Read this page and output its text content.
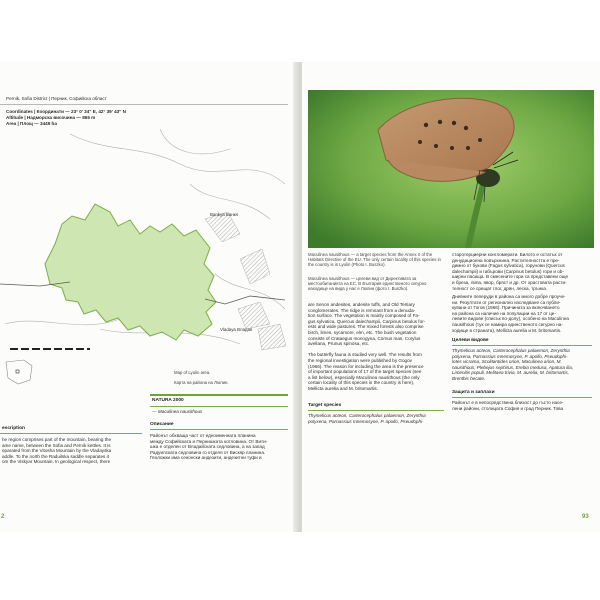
Pernik, Sofia District | Перник, Софийска област
Coordinates | Координати — 23° 0' 34" E, 42° 39' 43" N
Altitude | Надморска височина — 865 m
Area | Площ — 3449 ha
Bankya Банкя
Vladaya Владая
Map of Lyulin area.
Карта на района на Люлин.
NATURA 2000
— Maculinea nausithous
Описание
Районът обхваща част от едноименната планина
между Софийската и Пернишката котловина. От Вити-
шка е отделен от Владайската седловина, а на запад
Радуилската седловина го отделя от Вискяр планина.
Геоложки има сенонски андезити, андезитни туфи и
escription
he region comprises part of the mountain, bearing the
ame name, between the Sofia and Pernik kettles. It is
eparated from the Vitosha Mountain by the Vladayska
addle. To the north the Raduilska saddle separates it
om the Viskyar Mountain. In geological respect, there
2
Maculinea nausithous — a target species from the Annex II of the Habitats Directive of the EU. The only certain locality of this species in the country is in Lyulin (Photo I. Buszko).
Maculinea nausithous — целеви вид от Директивата за местообитанията на ЕС. В България единственото сигурно находище на вида у нас е Люлин (фото I. Buszko).
are Senon andesites, andesite tuffs, and Old Tertiary
conglomerates. The ridge is remnant from a denuda-
tion surface. The vegetation is mainly composed of Fa-
gus sylvatica, Quercus dalechampii, Carpinus betulus for-
ests and wide pastures. The mixed forests also comprise
birch, limes, sycamore, elm, etc. The bush vegetation
consists of Crataegus monogyna, Cornus mas, Corylus
avellana, Prunus spinosa, etc.

The butterfly fauna is studied very well. The results from
the regional investigation were published by Gogov
(1966). The reason for including the area is the presence
of important populations of 17 of the target species (see
a list below), especially Maculinea nausithous (the only
certain locality of this species in the country is here),
Mellicta aurelia and M. britomartis.
Target species
Thymelicus acteon, Carterocephalus palaemon, Zerynthia
polyxena, Parnassius mnemosyne, P. apollo, Pseudophi-
старотерциерни конгломерати. Билото е остатък от
денудационна повърхнина. Растителността е пре-
димно от букови (Fagus sylvatica), горунови (Quercus
dalechampii) и габърови (Carpinus betulus) гори и ob-
ширни пасища. В смесените гори са представени още
и бреза, липа, явор, бряст и др. От храстовата расти-
телност се срещат глог, дрян, леска, трънка.
Дневните пеперуди в района са много добре проуче-
ни. Резултати от регионално изследване са публи-
кувани от Гогов (1966). Причината за включването
на района са наличие на популации на 17 от це-
левите видове (списък по-долу), особено на Maculinea
nausithous (тук се намира единственото сигурно на-
ходище в страната), Mellicta aurelia и M. britomartis.
Целеви видове
Thymelicus acteon, Carterocephalus palaemon, Zerynthia
polyxena, Parnassius mnemosyne, P. apollo, Pseudophi-
lotes vicrama, Scolitantides orion, Maculinea arion, M.
nausithous, Plebejus sephirus, Erebia medusa, Apatura ilia,
Limenitis populi, Melitaea trivia, M. aurelia, M. britomartis,
Brenthis hecate.
Защита и заплахи
Районът е в непосредствена близост до гъсто насе-
лени райони, столицата София и град Перник. Това
93
